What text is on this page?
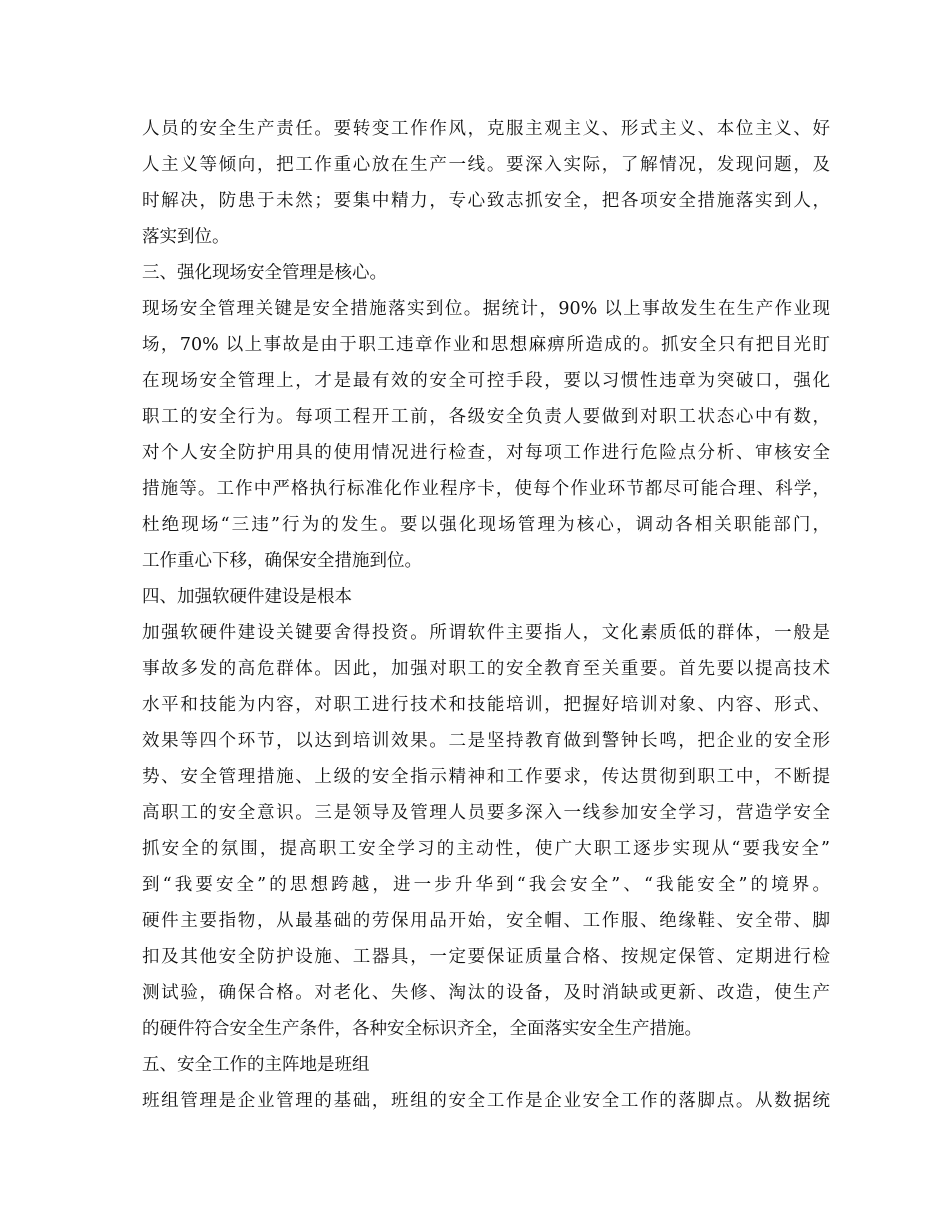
人员的安全生产责任。要转变工作作风，克服主观主义、形式主义、本位主义、好
人主义等倾向，把工作重心放在生产一线。要深入实际，了解情况，发现问题，及
时解决，防患于未然；要集中精力，专心致志抓安全，把各项安全措施落实到人，
落实到位。
三、强化现场安全管理是核心。
现场安全管理关键是安全措施落实到位。据统计，90% 以上事故发生在生产作业现
场，70% 以上事故是由于职工违章作业和思想麻痹所造成的。抓安全只有把目光盯
在现场安全管理上，才是最有效的安全可控手段，要以习惯性违章为突破口，强化
职工的安全行为。每项工程开工前，各级安全负责人要做到对职工状态心中有数，
对个人安全防护用具的使用情况进行检查，对每项工作进行危险点分析、审核安全
措施等。工作中严格执行标准化作业程序卡，使每个作业环节都尽可能合理、科学，
杜绝现场“三违”行为的发生。要以强化现场管理为核心，调动各相关职能部门，
工作重心下移，确保安全措施到位。
四、加强软硬件建设是根本
加强软硬件建设关键要舍得投资。所谓软件主要指人，文化素质低的群体，一般是
事故多发的高危群体。因此，加强对职工的安全教育至关重要。首先要以提高技术
水平和技能为内容，对职工进行技术和技能培训，把握好培训对象、内容、形式、
效果等四个环节，以达到培训效果。二是坚持教育做到警钟长鸣，把企业的安全形
势、安全管理措施、上级的安全指示精神和工作要求，传达贯彻到职工中，不断提
高职工的安全意识。三是领导及管理人员要多深入一线参加安全学习，营造学安全
抓安全的氛围，提高职工安全学习的主动性，使广大职工逐步实现从“要我安全”
到“我要安全”的思想跨越，进一步升华到“我会安全”、“我能安全”的境界。
硬件主要指物，从最基础的劳保用品开始，安全帽、工作服、绝缘鞋、安全带、脚
扣及其他安全防护设施、工器具，一定要保证质量合格、按规定保管、定期进行检
测试验，确保合格。对老化、失修、淘汰的设备，及时消缺或更新、改造，使生产
的硬件符合安全生产条件，各种安全标识齐全，全面落实安全生产措施。
五、安全工作的主阵地是班组
班组管理是企业管理的基础，班组的安全工作是企业安全工作的落脚点。从数据统
